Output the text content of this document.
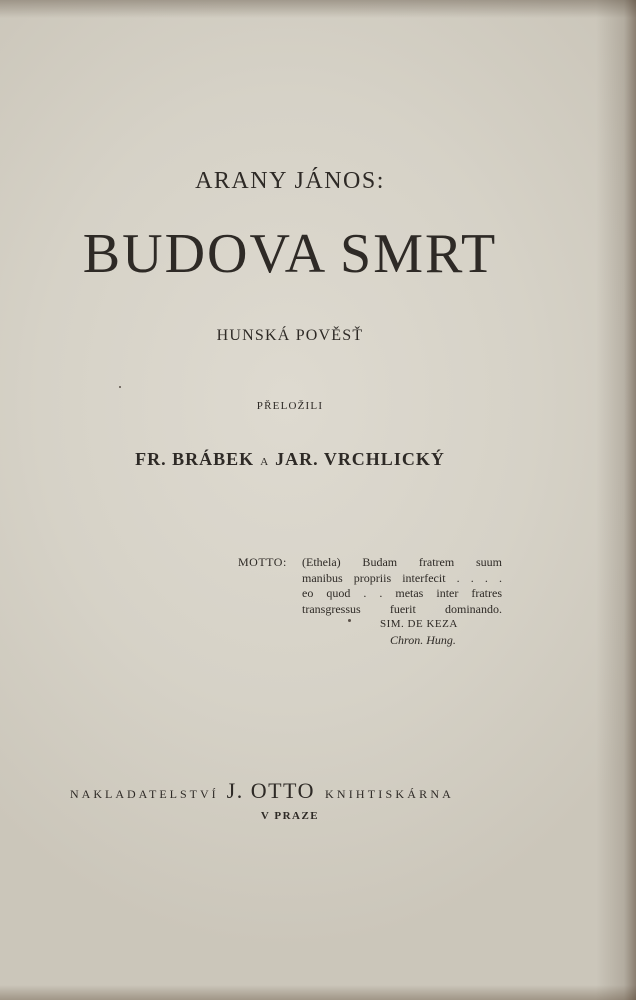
ARANY JÁNOS:
BUDOVA SMRT
HUNSKÁ POVĚSŤ
PŘELOŽILI
FR. BRÁBEK A JAR. VRCHLICKÝ
MOTTO: (Ethela) Budam fratrem suum
manibus propriis interfecit . . . .
eo quod . . metas inter fratres
transgressus fuerit dominando.
SIM. DE KEZA
Chron. Hung.
NAKLADATELSTVÍ J. OTTO KNIHTISKÁRNA
V PRAZE
